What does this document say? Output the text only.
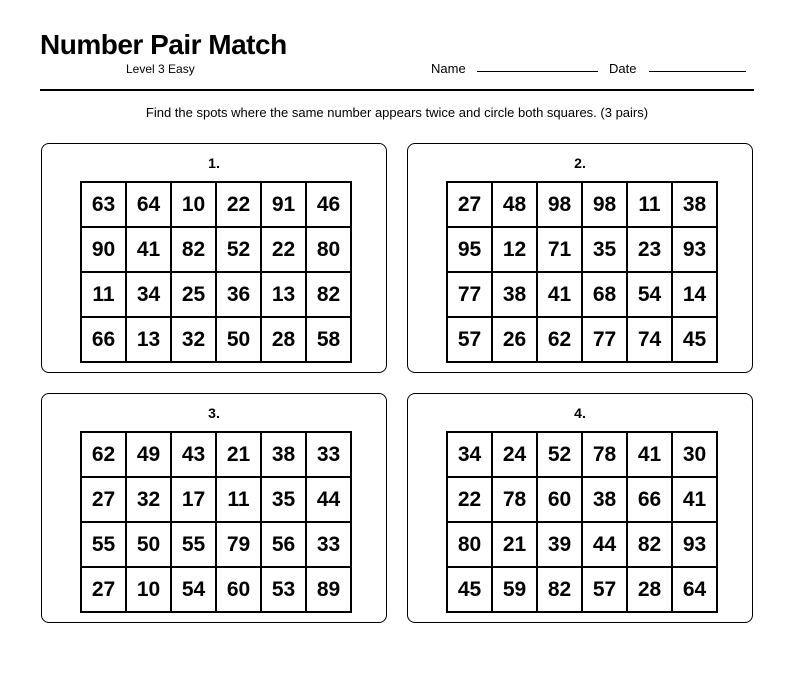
Number Pair Match
Level 3 Easy	Name	Date
Find the spots where the same number appears twice and circle both squares. (3 pairs)
1.
63	64	10	22	91	46
90	41	82	52	22	80
11	34	25	36	13	82
66	13	32	50	28	58
2.
27	48	98	98	11	38
95	12	71	35	23	93
77	38	41	68	54	14
57	26	62	77	74	45
3.
62	49	43	21	38	33
27	32	17	11	35	44
55	50	55	79	56	33
27	10	54	60	53	89
4.
34	24	52	78	41	30
22	78	60	38	66	41
80	21	39	44	82	93
45	59	82	57	28	64
